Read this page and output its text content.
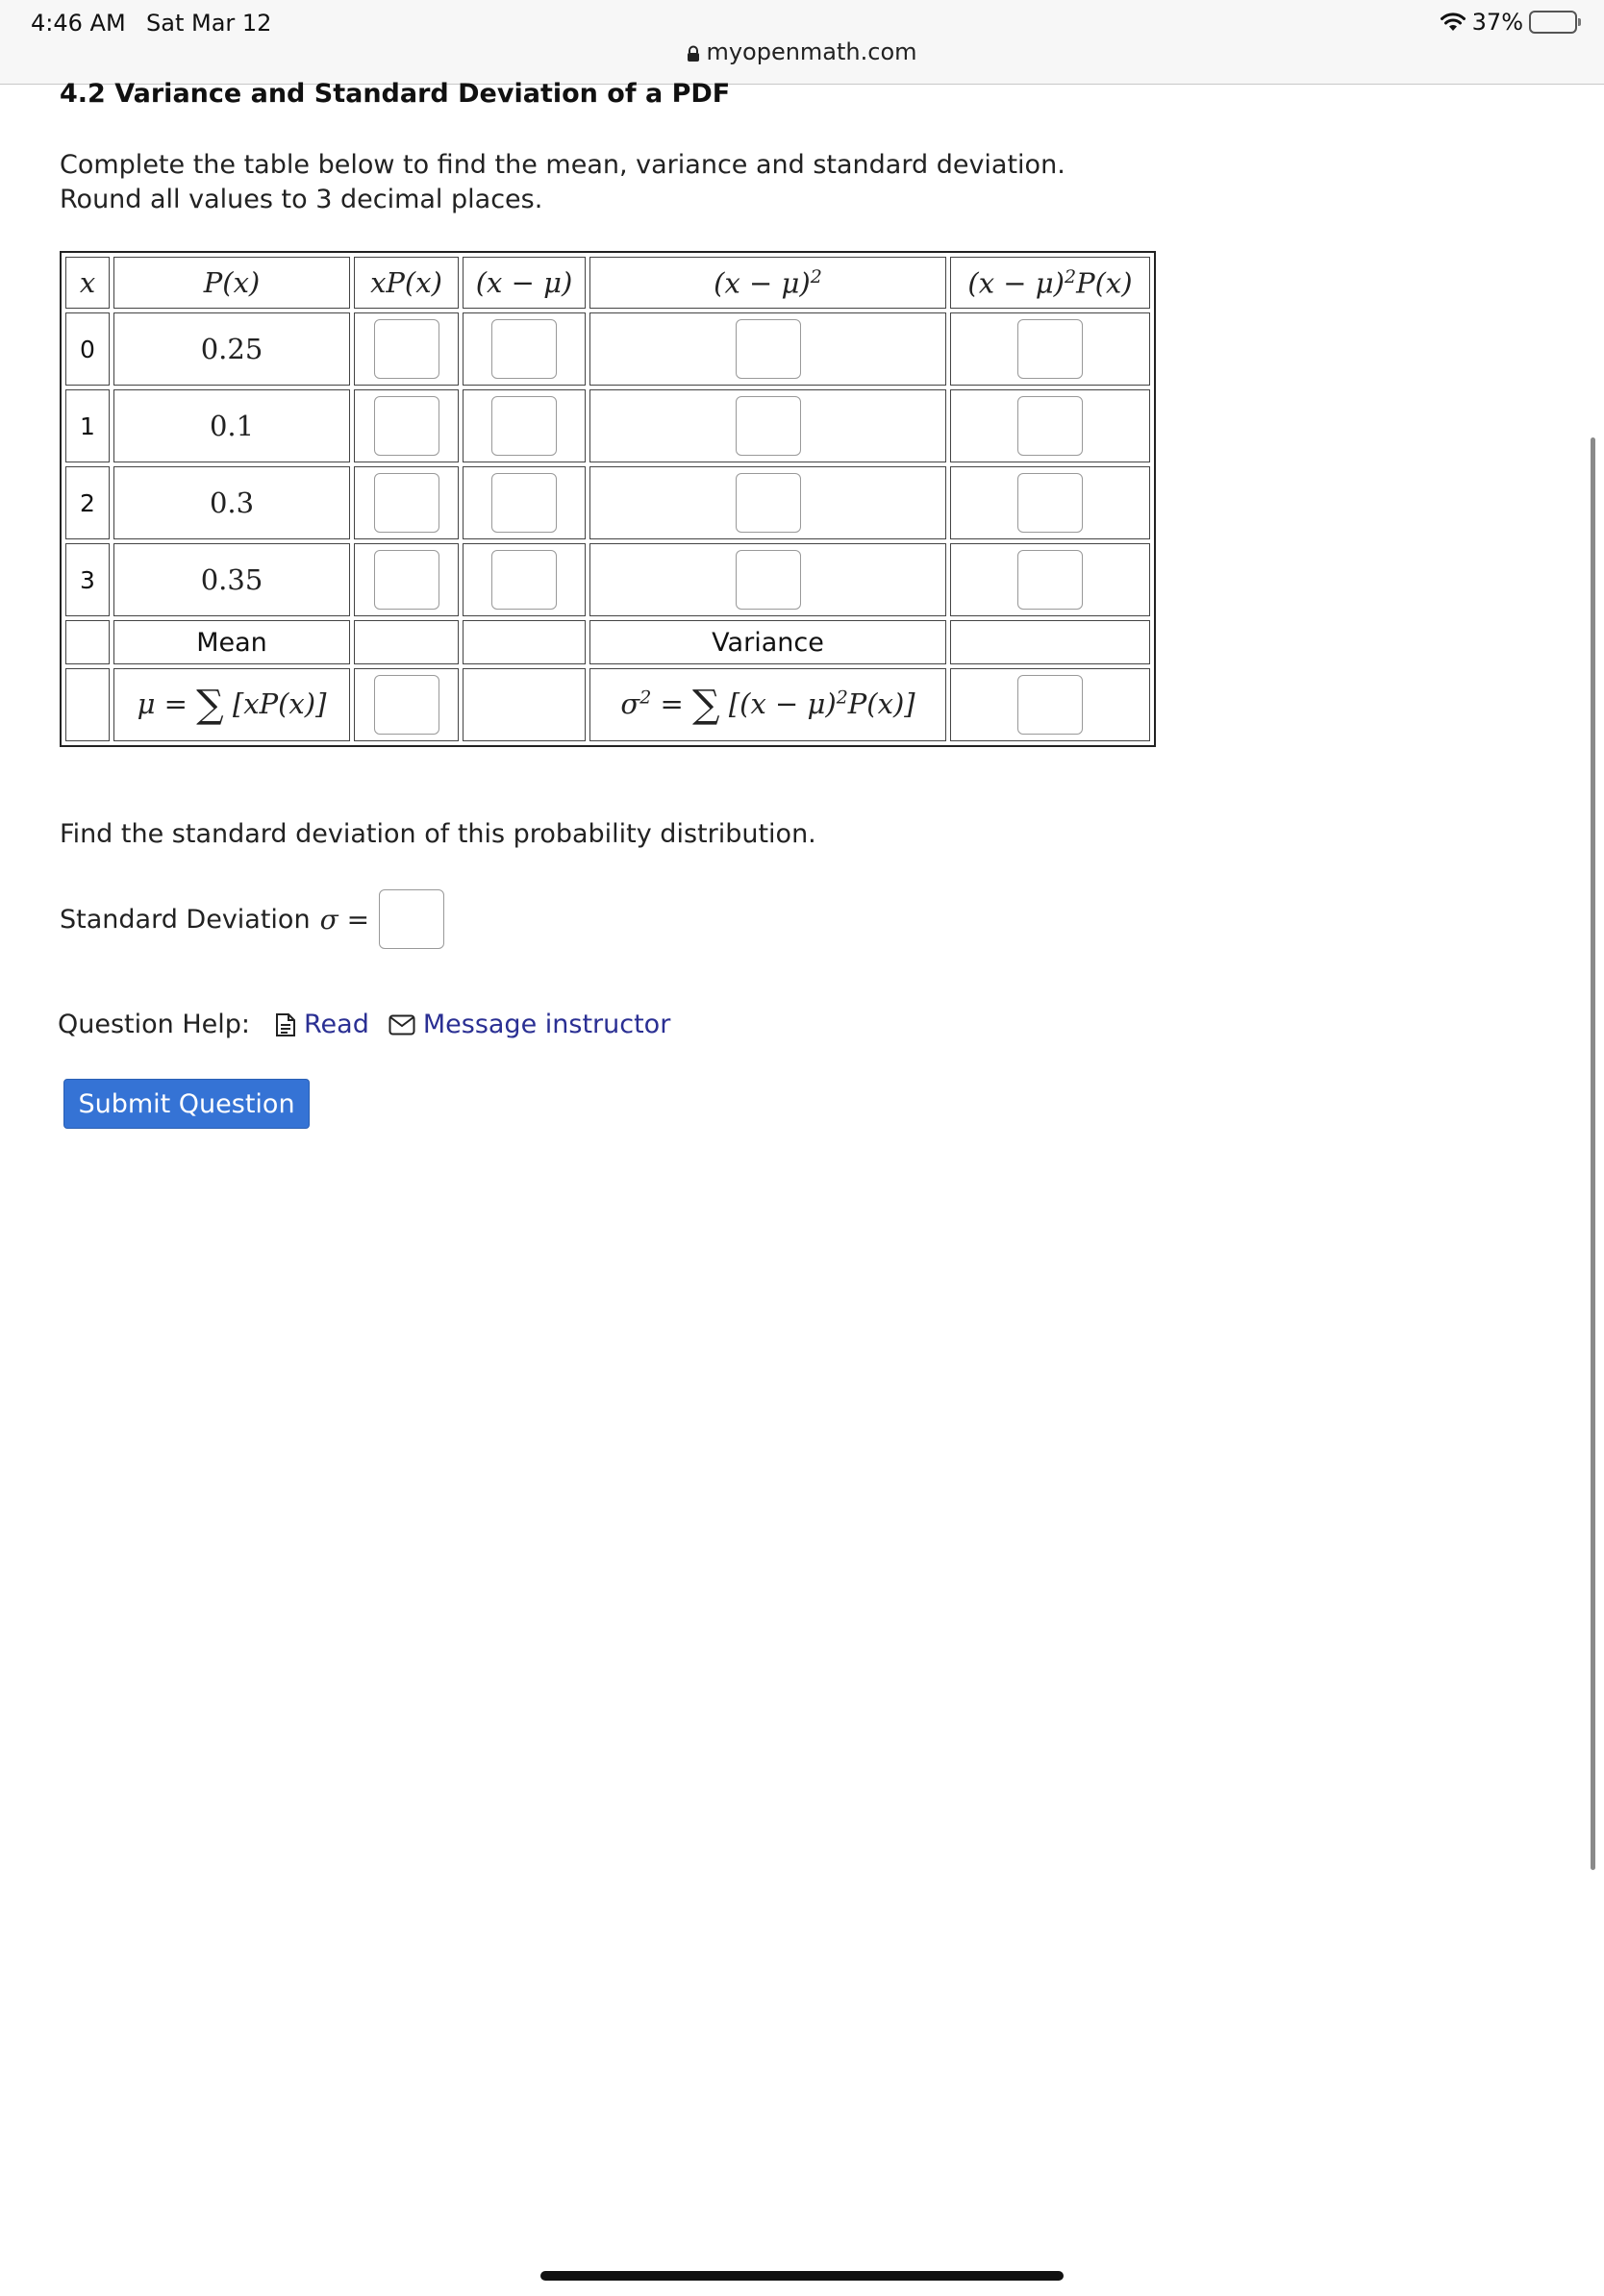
4:46 AM Sat Mar 12	37%
myopenmath.com
4.2 Variance and Standard Deviation of a PDF
Complete the table below to find the mean, variance and standard deviation.
Round all values to 3 decimal places.
x	P(x)	xP(x)	(x − μ)	$(x - \mu)^2$	$(x - \mu)^2P(x)$
0	0.25				
1	0.1				
2	0.3				
3	0.35				
	Mean			Variance	
	μ = ∑ [xP(x)]			$\sigma^2$ = ∑ $[(x - \mu)^2P(x)]$	
Find the standard deviation of this probability distribution.
Standard Deviation σ =
Question Help: Read Message instructor
Submit Question
